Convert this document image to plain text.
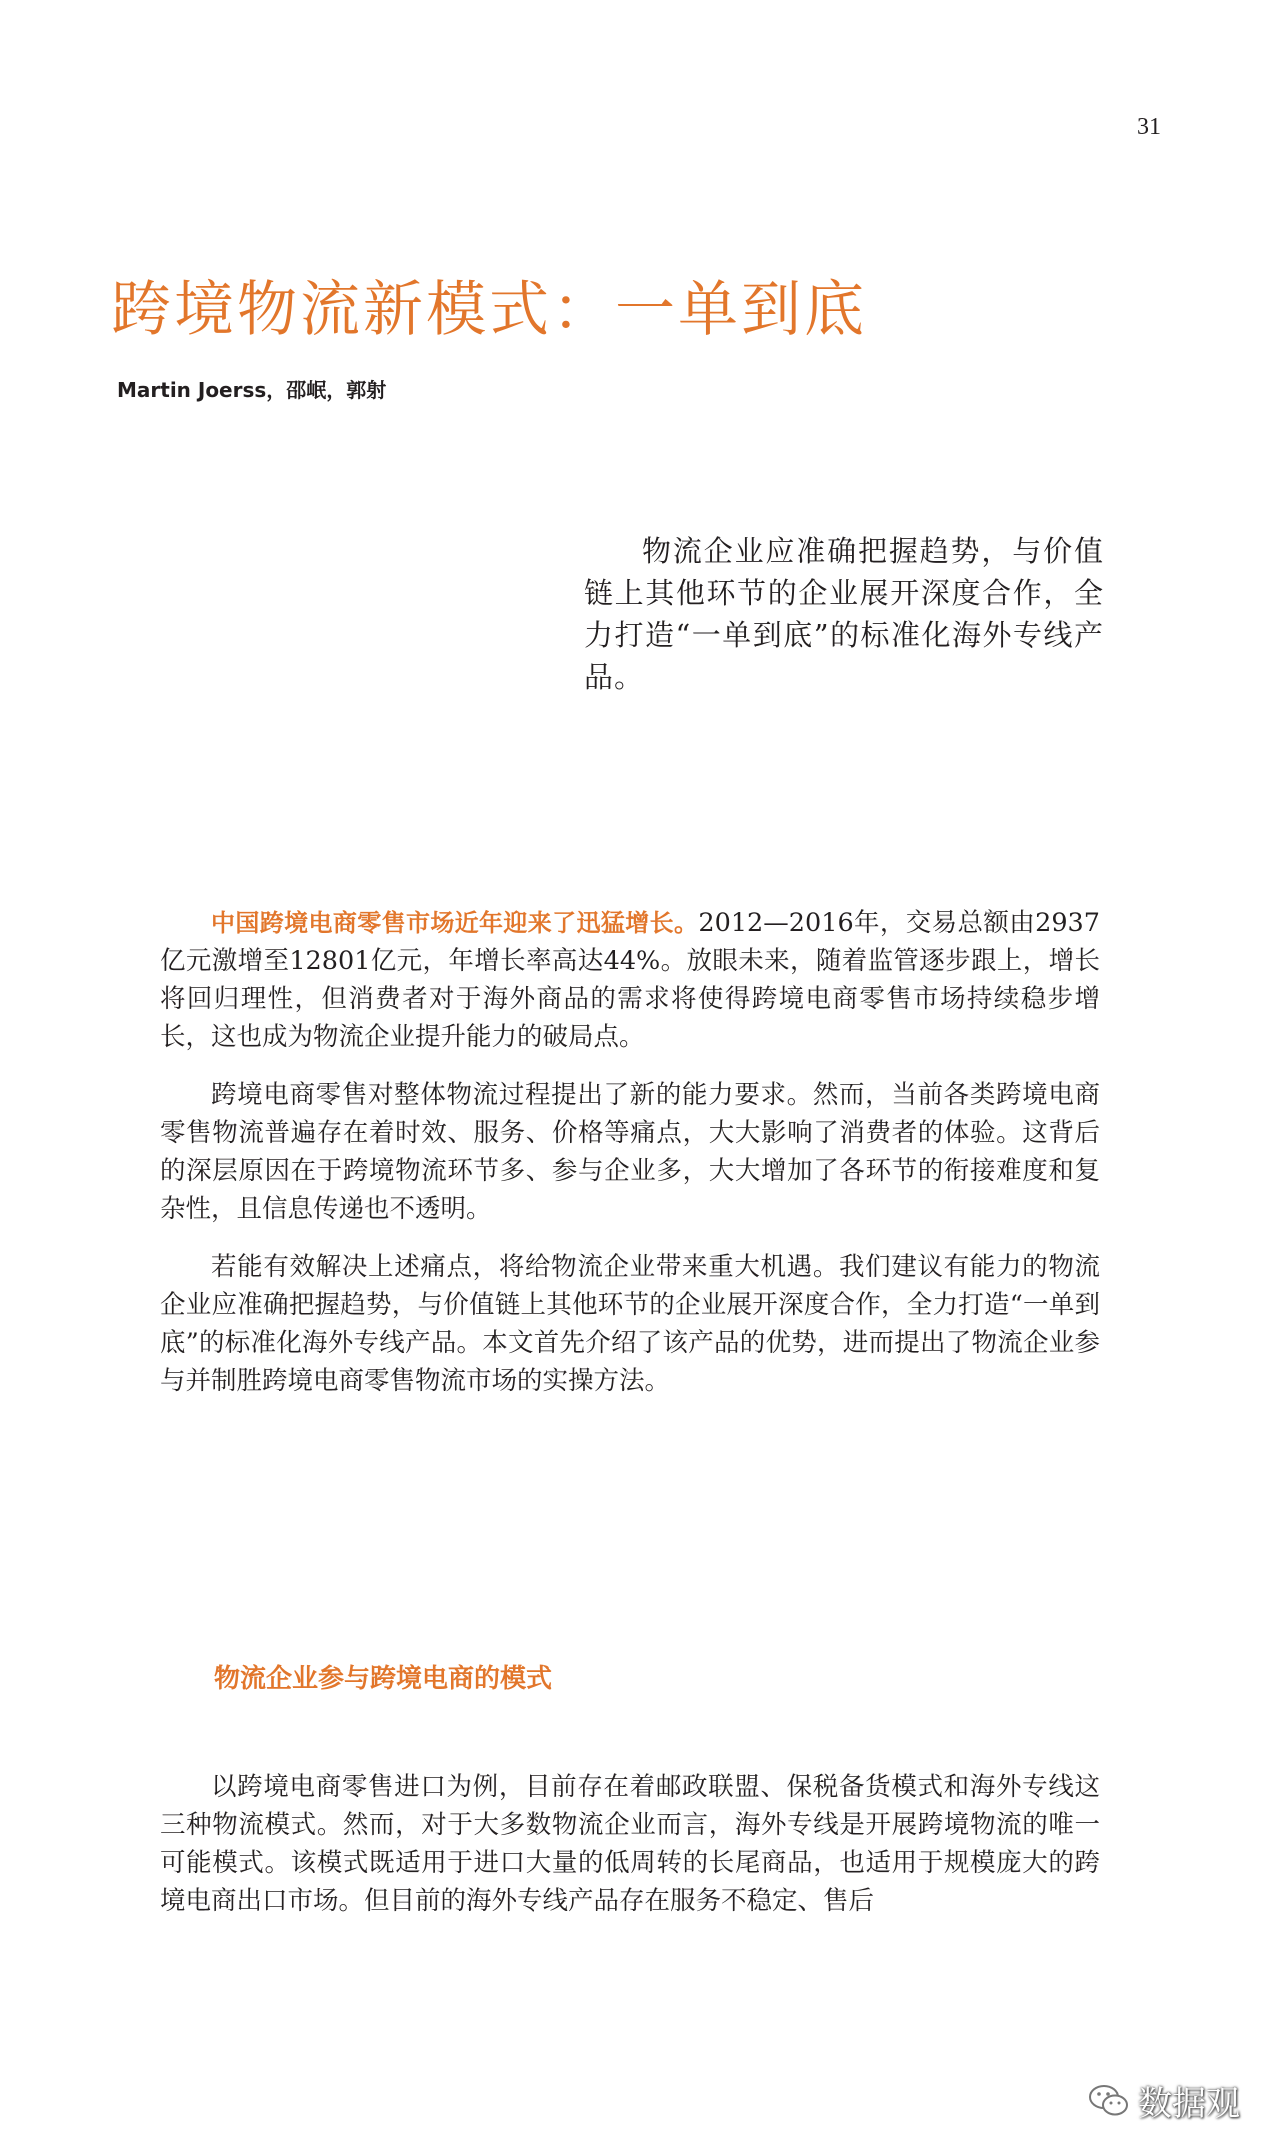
31
跨境物流新模式：一单到底
Martin Joerss，邵岷，郭射

物流企业应准确把握趋势，与价值链上其他环节的企业展开深度合作，全力打造“一单到底”的标准化海外专线产品。

中国跨境电商零售市场近年迎来了迅猛增长。2012—2016年，交易总额由2937亿元激增至12801亿元，年增长率高达44%。放眼未来，随着监管逐步跟上，增长将回归理性，但消费者对于海外商品的需求将使得跨境电商零售市场持续稳步增长，这也成为物流企业提升能力的破局点。

跨境电商零售对整体物流过程提出了新的能力要求。然而，当前各类跨境电商零售物流普遍存在着时效、服务、价格等痛点，大大影响了消费者的体验。这背后的深层原因在于跨境物流环节多、参与企业多，大大增加了各环节的衔接难度和复杂性，且信息传递也不透明。

若能有效解决上述痛点，将给物流企业带来重大机遇。我们建议有能力的物流企业应准确把握趋势，与价值链上其他环节的企业展开深度合作，全力打造“一单到底”的标准化海外专线产品。本文首先介绍了该产品的优势，进而提出了物流企业参与并制胜跨境电商零售物流市场的实操方法。

物流企业参与跨境电商的模式

以跨境电商零售进口为例，目前存在着邮政联盟、保税备货模式和海外专线这三种物流模式。然而，对于大多数物流企业而言，海外专线是开展跨境物流的唯一可能模式。该模式既适用于进口大量的低周转的长尾商品，也适用于规模庞大的跨境电商出口市场。但目前的海外专线产品存在服务不稳定、售后

数据观
